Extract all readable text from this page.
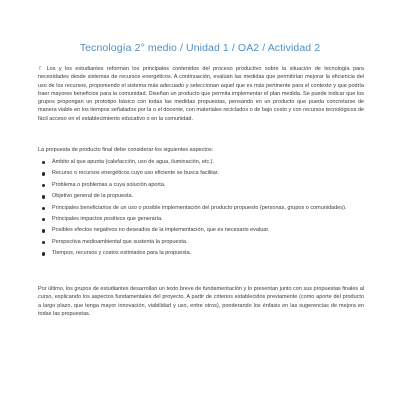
Tecnología 2° medio / Unidad 1 / OA2 / Actividad 2
7. Los y los estudiantes reforman los principales contenidos del proceso productivo sobre la situación de tecnología para necesidades desde sistemas de recursos energéticos. A continuación, evalúan las medidas que permitirían mejorar la eficiencia del uso de los recursos, proponiendo el sistema más adecuado y seleccionan aquel que es más pertinente para el contexto y que podría traer mayores beneficios para la comunidad. Diseñan un producto que permita implementar el plan medida. Se puede indicar que los grupos propongan un prototipo básico con todas las medidas propuestas, pensando en un producto que pueda concretarse de manera viable en los tiempos señalados por la o el docente, con materiales reciclados o de bajo costo y con recursos tecnológicos de fácil acceso en el establecimiento educativo o en la comunidad.
La propuesta de producto final debe considerar los siguientes aspectos:
Ámbito al que apunta (calefacción, uso de agua, iluminación, etc.).
Recurso o recursos energéticos cuyo uso eficiente se busca facilitar.
Problema o problemas a cuya solución aporta.
Objetivo general de la propuesta.
Principales beneficiarios de un uso o posible implementación del producto propuesto (personas, grupos o comunidades).
Principales impactos positivos que generaría.
Posibles efectos negativos no deseados de la implementación, que es necesario evaluar.
Perspectiva medioambiental que sustenta la propuesta.
Tiempos, recursos y costos estimados para la propuesta.
Por último, los grupos de estudiantes desarrollan un texto breve de fundamentación y lo presentan junto con sus propuestas finales al curso, explicando los aspectos fundamentales del proyecto. A partir de criterios establecidos previamente (como aporte del producto a largo plazo, que tenga mayor innovación, viabilidad y uso, entre otros), ponderando los énfasis en las sugerencias de mejora en todas las propuestas.
